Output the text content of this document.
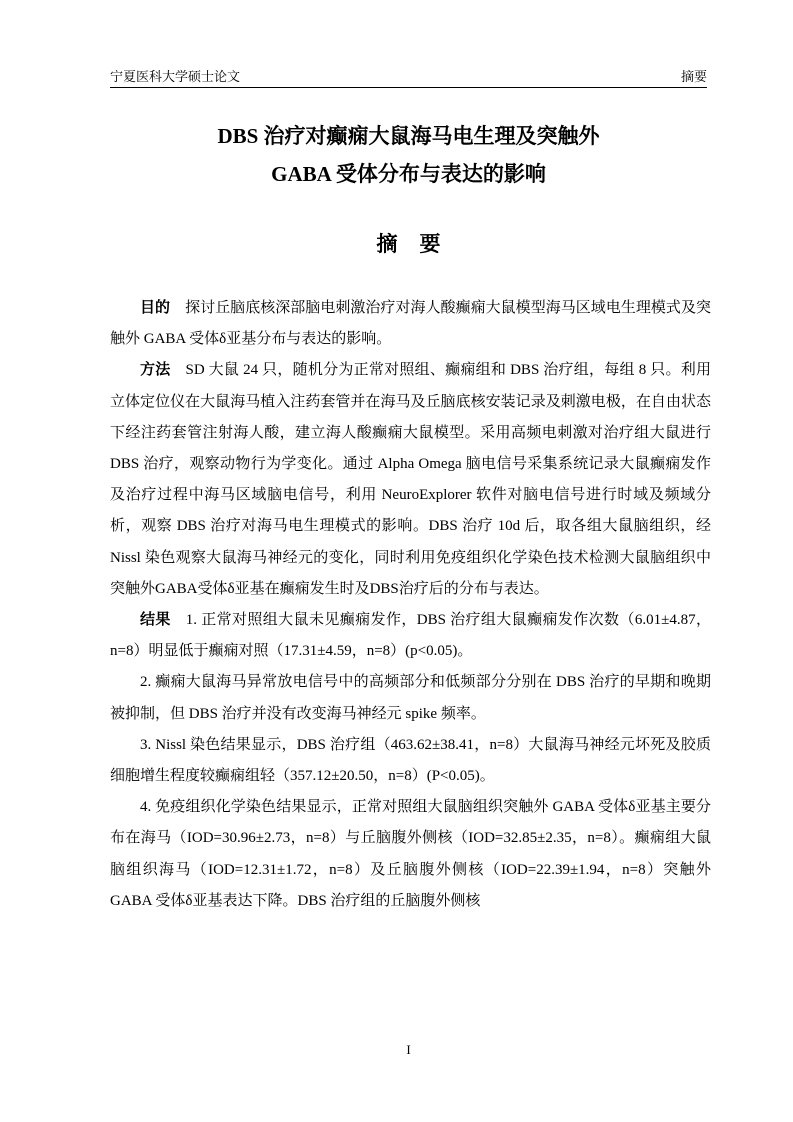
宁夏医科大学硕士论文	摘要
DBS 治疗对癫痫大鼠海马电生理及突触外
GABA 受体分布与表达的影响
摘要

目的  探讨丘脑底核深部脑电刺激治疗对海人酸癫痫大鼠模型海马区域电生理模式及突触外 GABA 受体δ亚基分布与表达的影响。

方法  SD 大鼠 24 只，随机分为正常对照组、癫痫组和 DBS 治疗组，每组 8 只。利用立体定位仪在大鼠海马植入注药套管并在海马及丘脑底核安装记录及刺激电极，在自由状态下经注药套管注射海人酸，建立海人酸癫痫大鼠模型。采用高频电刺激对治疗组大鼠进行 DBS 治疗，观察动物行为学变化。通过 Alpha Omega 脑电信号采集系统记录大鼠癫痫发作及治疗过程中海马区域脑电信号，利用 NeuroExplorer 软件对脑电信号进行时域及频域分析，观察 DBS 治疗对海马电生理模式的影响。DBS 治疗 10d 后，取各组大鼠脑组织，经 Nissl 染色观察大鼠海马神经元的变化，同时利用免疫组织化学染色技术检测大鼠脑组织中突触外GABA受体δ亚基在癫痫发生时及DBS治疗后的分布与表达。

结果  1. 正常对照组大鼠未见癫痫发作，DBS 治疗组大鼠癫痫发作次数（6.01±4.87，n=8）明显低于癫痫对照（17.31±4.59，n=8）(p<0.05)。

2. 癫痫大鼠海马异常放电信号中的高频部分和低频部分分别在 DBS 治疗的早期和晚期被抑制，但 DBS 治疗并没有改变海马神经元 spike 频率。

3. Nissl 染色结果显示，DBS 治疗组（463.62±38.41，n=8）大鼠海马神经元坏死及胶质细胞增生程度较癫痫组轻（357.12±20.50，n=8）(P<0.05)。

4. 免疫组织化学染色结果显示，正常对照组大鼠脑组织突触外 GABA 受体δ亚基主要分布在海马（IOD=30.96±2.73，n=8）与丘脑腹外侧核（IOD=32.85±2.35，n=8）。癫痫组大鼠脑组织海马（IOD=12.31±1.72，n=8）及丘脑腹外侧核（IOD=22.39±1.94，n=8）突触外 GABA 受体δ亚基表达下降。DBS 治疗组的丘脑腹外侧核

I
